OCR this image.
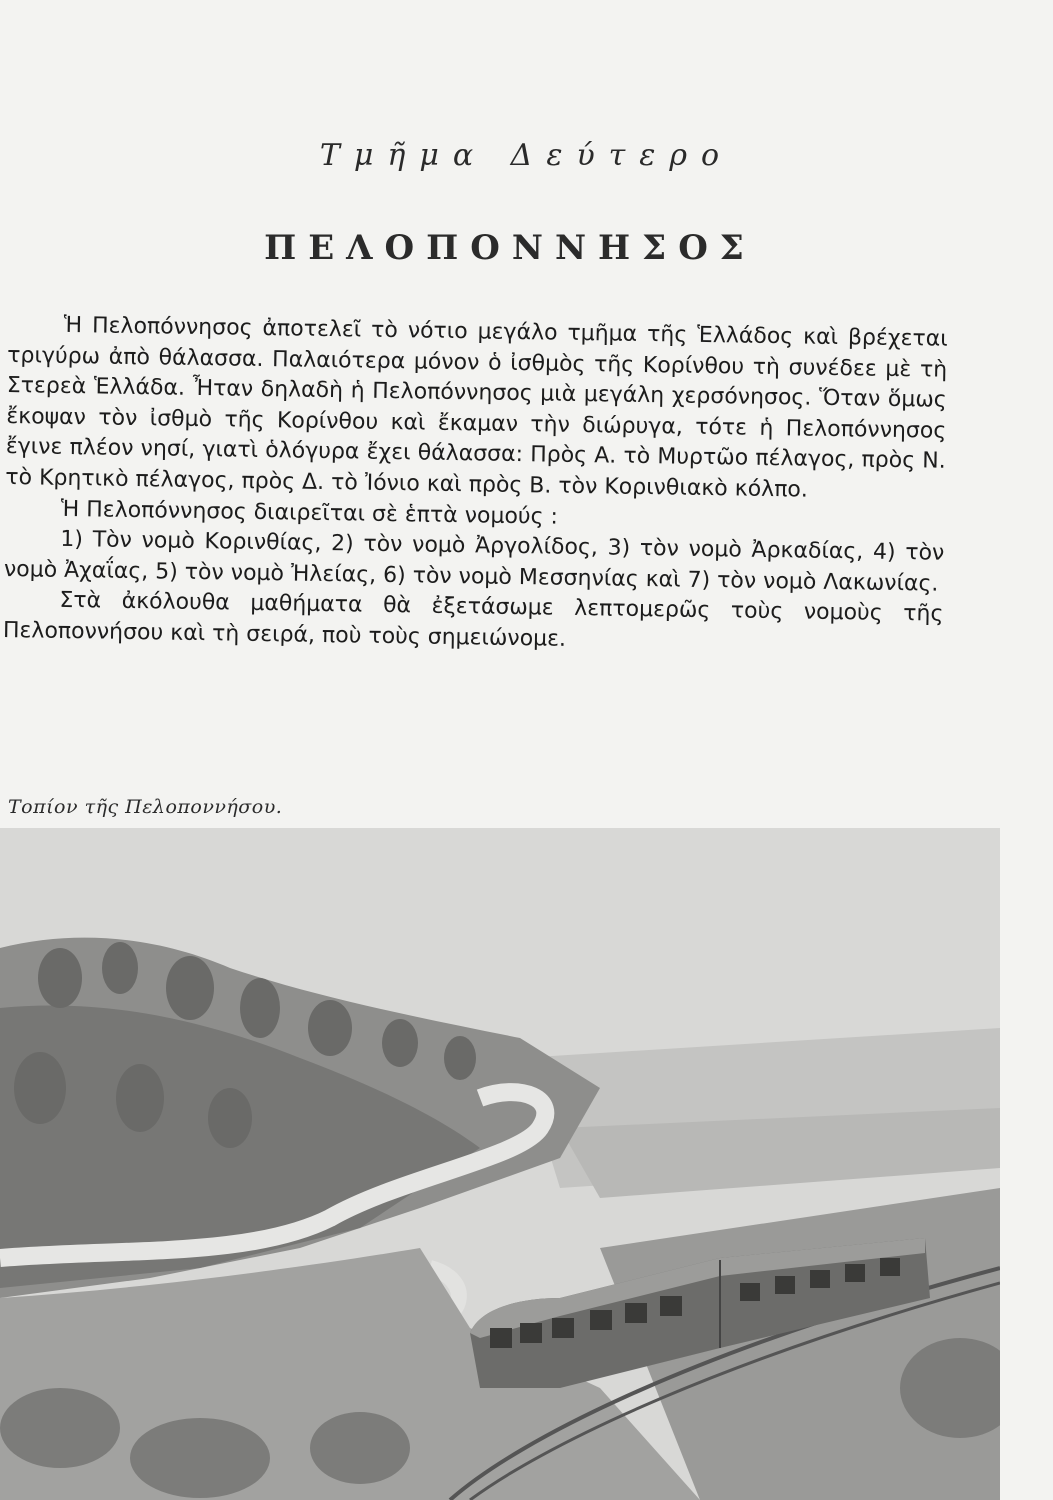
Τμῆμα Δεύτερο
ΠΕΛΟΠΟΝΝΗΣΟΣ

Ἡ Πελοπόννησος ἀποτελεῖ τὸ νότιο μεγάλο τμῆμα τῆς Ἑλλάδος καὶ βρέχεται τριγύρω ἀπὸ θάλασσα. Παλαιότερα μόνον ὁ ἰσθμὸς τῆς Κορίνθου τὴ συνέδεε μὲ τὴ Στερεὰ Ἑλλάδα. Ἦταν δηλαδὴ ἡ Πελοπόννησος μιὰ μεγάλη χερσόνησος. Ὅταν ὅμως ἔκοψαν τὸν ἰσθμὸ τῆς Κορίνθου καὶ ἔκαμαν τὴν διώρυγα, τότε ἡ Πελοπόννησος ἔγινε πλέον νησί, γιατὶ ὁλόγυρα ἔχει θάλασσα: Πρὸς Α. τὸ Μυρτῶο πέλαγος, πρὸς Ν. τὸ Κρητικὸ πέλαγος, πρὸς Δ. τὸ Ἰόνιο καὶ πρὸς Β. τὸν Κορινθιακὸ κόλπο.

Ἡ Πελοπόννησος διαιρεῖται σὲ ἑπτὰ νομούς :

1) Τὸν νομὸ Κορινθίας, 2) τὸν νομὸ Ἀργολίδος, 3) τὸν νομὸ Ἀρκαδίας, 4) τὸν νομὸ Ἀχαΐας, 5) τὸν νομὸ Ἠλείας, 6) τὸν νομὸ Μεσσηνίας καὶ 7) τὸν νομὸ Λακωνίας.

Στὰ ἀκόλουθα μαθήματα θὰ ἐξετάσωμε λεπτομερῶς τοὺς νομοὺς τῆς Πελοποννήσου καὶ τὴ σειρά, ποὺ τοὺς σημειώνομε.

Τοπίον τῆς Πελοποννήσου.
